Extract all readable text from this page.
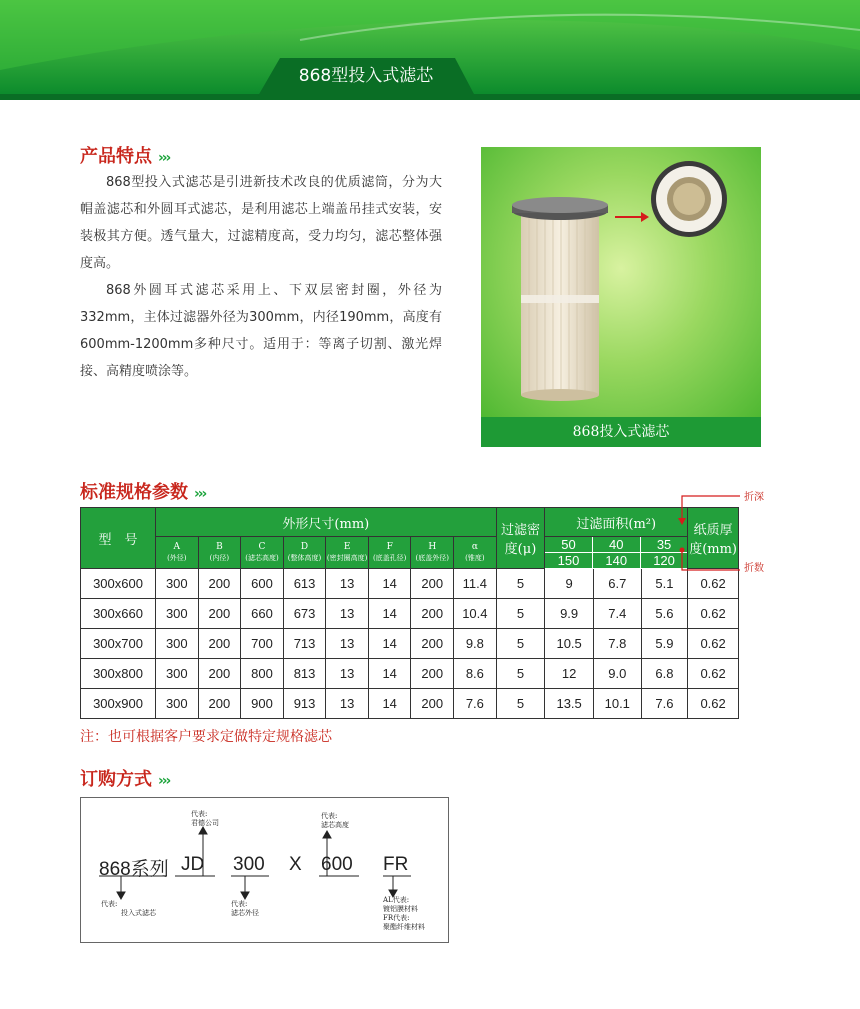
868型投入式滤芯
产品特点 ›››

868型投入式滤芯是引进新技术改良的优质滤筒，分为大帽盖滤芯和外圆耳式滤芯，是利用滤芯上端盖吊挂式安装，安装极其方便。透气量大，过滤精度高，受力均匀，滤芯整体强度高。

868外圆耳式滤芯采用上、下双层密封圈，外径为332mm，主体过滤器外径为300mm，内径190mm，高度有600mm-1200mm多种尺寸。适用于：等离子切割、激光焊接、高精度喷涂等。

868投入式滤芯
标准规格参数 ›››
型　号	外形尺寸(mm)	过滤密度(μ)	过滤面积(m²)	纸质厚度(mm)
A
(外径)
	B
(内径)
	C
(滤芯高度)
	D
(整体高度)
	E
(密封圈高度)
	F
(底盖孔径)
	H
(底盖外径)
	α
(锥度)

50	40	35
150	140	120

300x600	300	200	600	613	13	14	200	11.4	5	9	6.7	5.1	0.62
300x660	300	200	660	673	13	14	200	10.4	5	9.9	7.4	5.6	0.62
300x700	300	200	700	713	13	14	200	9.8	5	10.5	7.8	5.9	0.62
300x800	300	200	800	813	13	14	200	8.6	5	12	9.0	6.8	0.62
300x900	300	200	900	913	13	14	200	7.6	5	13.5	10.1	7.6	0.62
折深
折数
注：也可根据客户要求定做特定规格滤芯
订购方式 ›››
868系列 JD 300 X 600 FR
代表:
君德公司
代表:
滤芯高度
代表:
投入式滤芯
代表:
滤芯外径
AL代表:
镀铝膜材料
FR代表:
聚酯纤维材料
